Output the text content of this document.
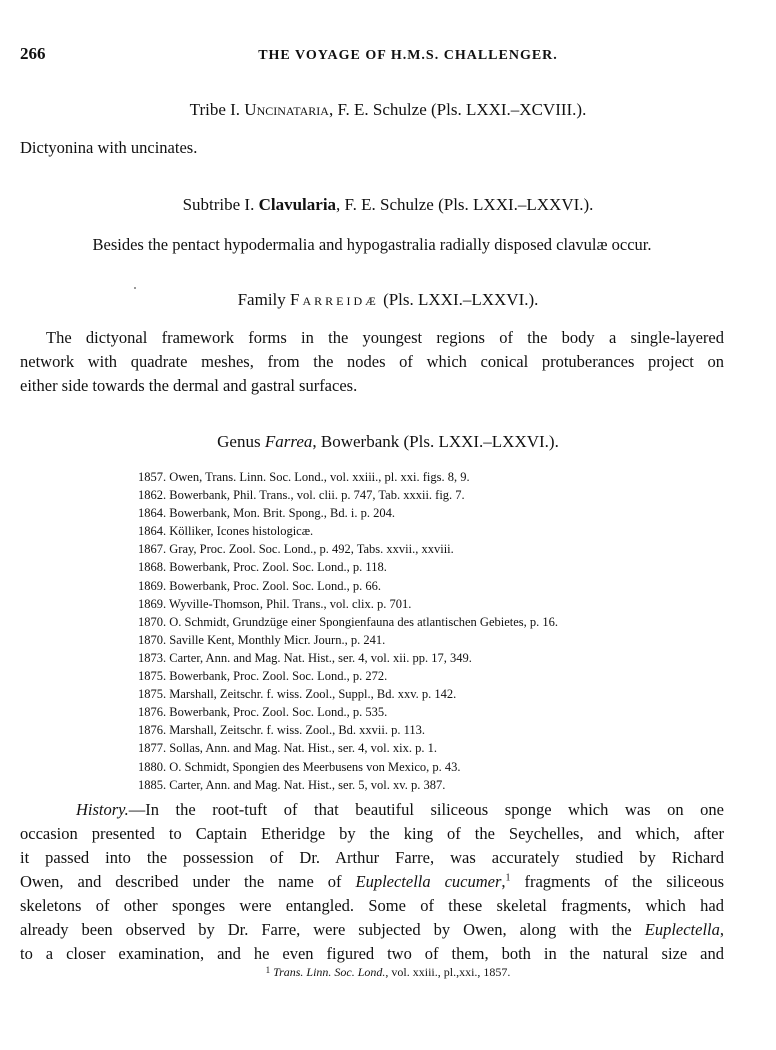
266	THE VOYAGE OF H.M.S. CHALLENGER.
Tribe I. Uncinataria, F. E. Schulze (Pls. LXXI.–XCVIII.).
Dictyonina with uncinates.
Subtribe I. Clavularia, F. E. Schulze (Pls. LXXI.–LXXVI.).
Besides the pentact hypodermalia and hypogastralia radially disposed clavulæ occur.
Family Farreidæ (Pls. LXXI.–LXXVI.).
The dictyonal framework forms in the youngest regions of the body a single-layered
network with quadrate meshes, from the nodes of which conical protuberances project on
either side towards the dermal and gastral surfaces.
Genus Farrea, Bowerbank (Pls. LXXI.–LXXVI.).
1857. Owen, Trans. Linn. Soc. Lond., vol. xxiii., pl. xxi. figs. 8, 9.
1862. Bowerbank, Phil. Trans., vol. clii. p. 747, Tab. xxxii. fig. 7.
1864. Bowerbank, Mon. Brit. Spong., Bd. i. p. 204.
1864. Kölliker, Icones histologicæ.
1867. Gray, Proc. Zool. Soc. Lond., p. 492, Tabs. xxvii., xxviii.
1868. Bowerbank, Proc. Zool. Soc. Lond., p. 118.
1869. Bowerbank, Proc. Zool. Soc. Lond., p. 66.
1869. Wyville-Thomson, Phil. Trans., vol. clix. p. 701.
1870. O. Schmidt, Grundzüge einer Spongienfauna des atlantischen Gebietes, p. 16.
1870. Saville Kent, Monthly Micr. Journ., p. 241.
1873. Carter, Ann. and Mag. Nat. Hist., ser. 4, vol. xii. pp. 17, 349.
1875. Bowerbank, Proc. Zool. Soc. Lond., p. 272.
1875. Marshall, Zeitschr. f. wiss. Zool., Suppl., Bd. xxv. p. 142.
1876. Bowerbank, Proc. Zool. Soc. Lond., p. 535.
1876. Marshall, Zeitschr. f. wiss. Zool., Bd. xxvii. p. 113.
1877. Sollas, Ann. and Mag. Nat. Hist., ser. 4, vol. xix. p. 1.
1880. O. Schmidt, Spongien des Meerbusens von Mexico, p. 43.
1885. Carter, Ann. and Mag. Nat. Hist., ser. 5, vol. xv. p. 387.
History.—In the root-tuft of that beautiful siliceous sponge which was on one
occasion presented to Captain Etheridge by the king of the Seychelles, and which, after
it passed into the possession of Dr. Arthur Farre, was accurately studied by Richard
Owen, and described under the name of Euplectella cucumer,$^1$ fragments of the siliceous
skeletons of other sponges were entangled. Some of these skeletal fragments, which had
already been observed by Dr. Farre, were subjected by Owen, along with the Euplectella,
to a closer examination, and he even figured two of them, both in the natural size and
$^1$ Trans. Linn. Soc. Lond., vol. xxiii., pl.,xxi., 1857.
